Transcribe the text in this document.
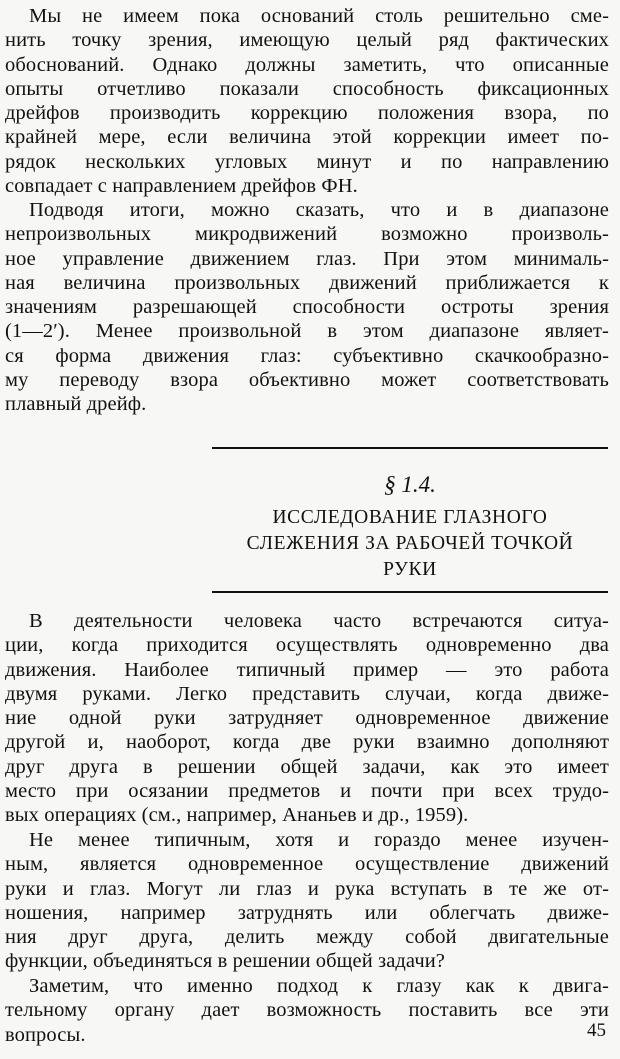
Мы не имеем пока оснований столь решительно сме-
нить точку зрения, имеющую целый ряд фактических
обоснований. Однако должны заметить, что описанные
опыты отчетливо показали способность фиксационных
дрейфов производить коррекцию положения взора, по
крайней мере, если величина этой коррекции имеет по-
рядок нескольких угловых минут и по направлению
совпадает с направлением дрейфов ФН.
Подводя итоги, можно сказать, что и в диапазоне
непроизвольных микродвижений возможно произволь-
ное управление движением глаз. При этом минималь-
ная величина произвольных движений приближается к
значениям разрешающей способности остроты зрения
(1—2′). Менее произвольной в этом диапазоне являет-
ся форма движения глаз: субъективно скачкообразно-
му переводу взора объективно может соответствовать
плавный дрейф.
§ 1.4.
ИССЛЕДОВАНИЕ ГЛАЗНОГО
СЛЕЖЕНИЯ ЗА РАБОЧЕЙ ТОЧКОЙ
РУКИ
В деятельности человека часто встречаются ситуа-
ции, когда приходится осуществлять одновременно два
движения. Наиболее типичный пример — это работа
двумя руками. Легко представить случаи, когда движе-
ние одной руки затрудняет одновременное движение
другой и, наоборот, когда две руки взаимно дополняют
друг друга в решении общей задачи, как это имеет
место при осязании предметов и почти при всех трудо-
вых операциях (см., например, Ананьев и др., 1959).
Не менее типичным, хотя и гораздо менее изучен-
ным, является одновременное осуществление движений
руки и глаз. Могут ли глаз и рука вступать в те же от-
ношения, например затруднять или облегчать движе-
ния друг друга, делить между собой двигательные
функции, объединяться в решении общей задачи?
Заметим, что именно подход к глазу как к двига-
тельному органу дает возможность поставить все эти
вопросы.	45
